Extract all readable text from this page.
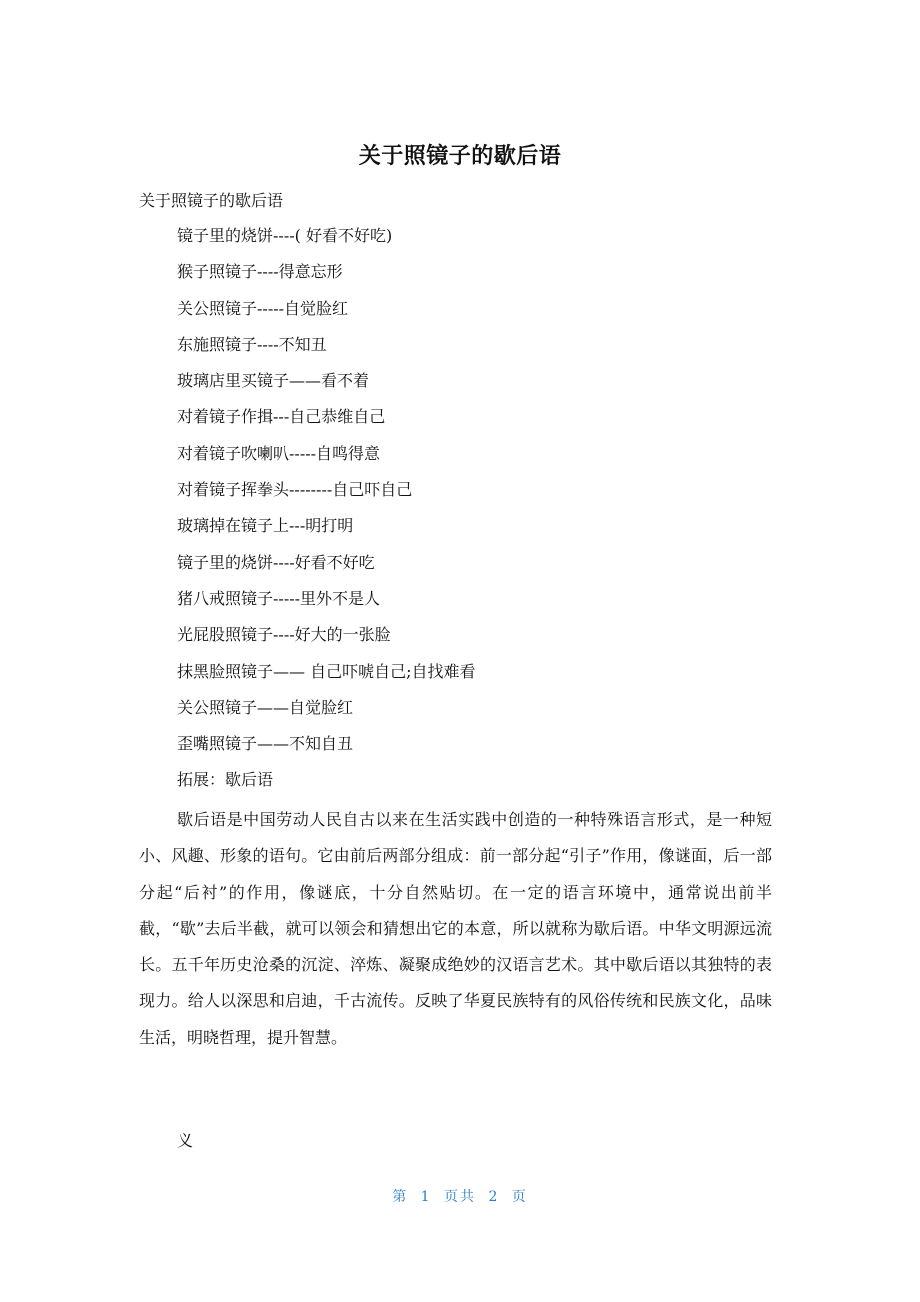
关于照镜子的歇后语
关于照镜子的歇后语
镜子里的烧饼----( 好看不好吃)
猴子照镜子----得意忘形
关公照镜子-----自觉脸红
东施照镜子----不知丑
玻璃店里买镜子——看不着
对着镜子作揖---自己恭维自己
对着镜子吹喇叭-----自鸣得意
对着镜子挥拳头--------自己吓自己
玻璃掉在镜子上---明打明
镜子里的烧饼----好看不好吃
猪八戒照镜子-----里外不是人
光屁股照镜子----好大的一张脸
抹黑脸照镜子—— 自己吓唬自己;自找难看
关公照镜子——自觉脸红
歪嘴照镜子——不知自丑
拓展：歇后语

歇后语是中国劳动人民自古以来在生活实践中创造的一种特殊语言形式，是一种短小、风趣、形象的语句。它由前后两部分组成：前一部分起“引子”作用，像谜面，后一部分起“后衬”的作用，像谜底，十分自然贴切。在一定的语言环境中，通常说出前半截，“歇”去后半截，就可以领会和猜想出它的本意，所以就称为歇后语。中华文明源远流长。五千年历史沧桑的沉淀、淬炼、凝聚成绝妙的汉语言艺术。其中歇后语以其独特的表现力。给人以深思和启迪，千古流传。反映了华夏民族特有的风俗传统和民族文化，品味生活，明晓哲理，提升智慧。

义
第 1 页共 2 页
